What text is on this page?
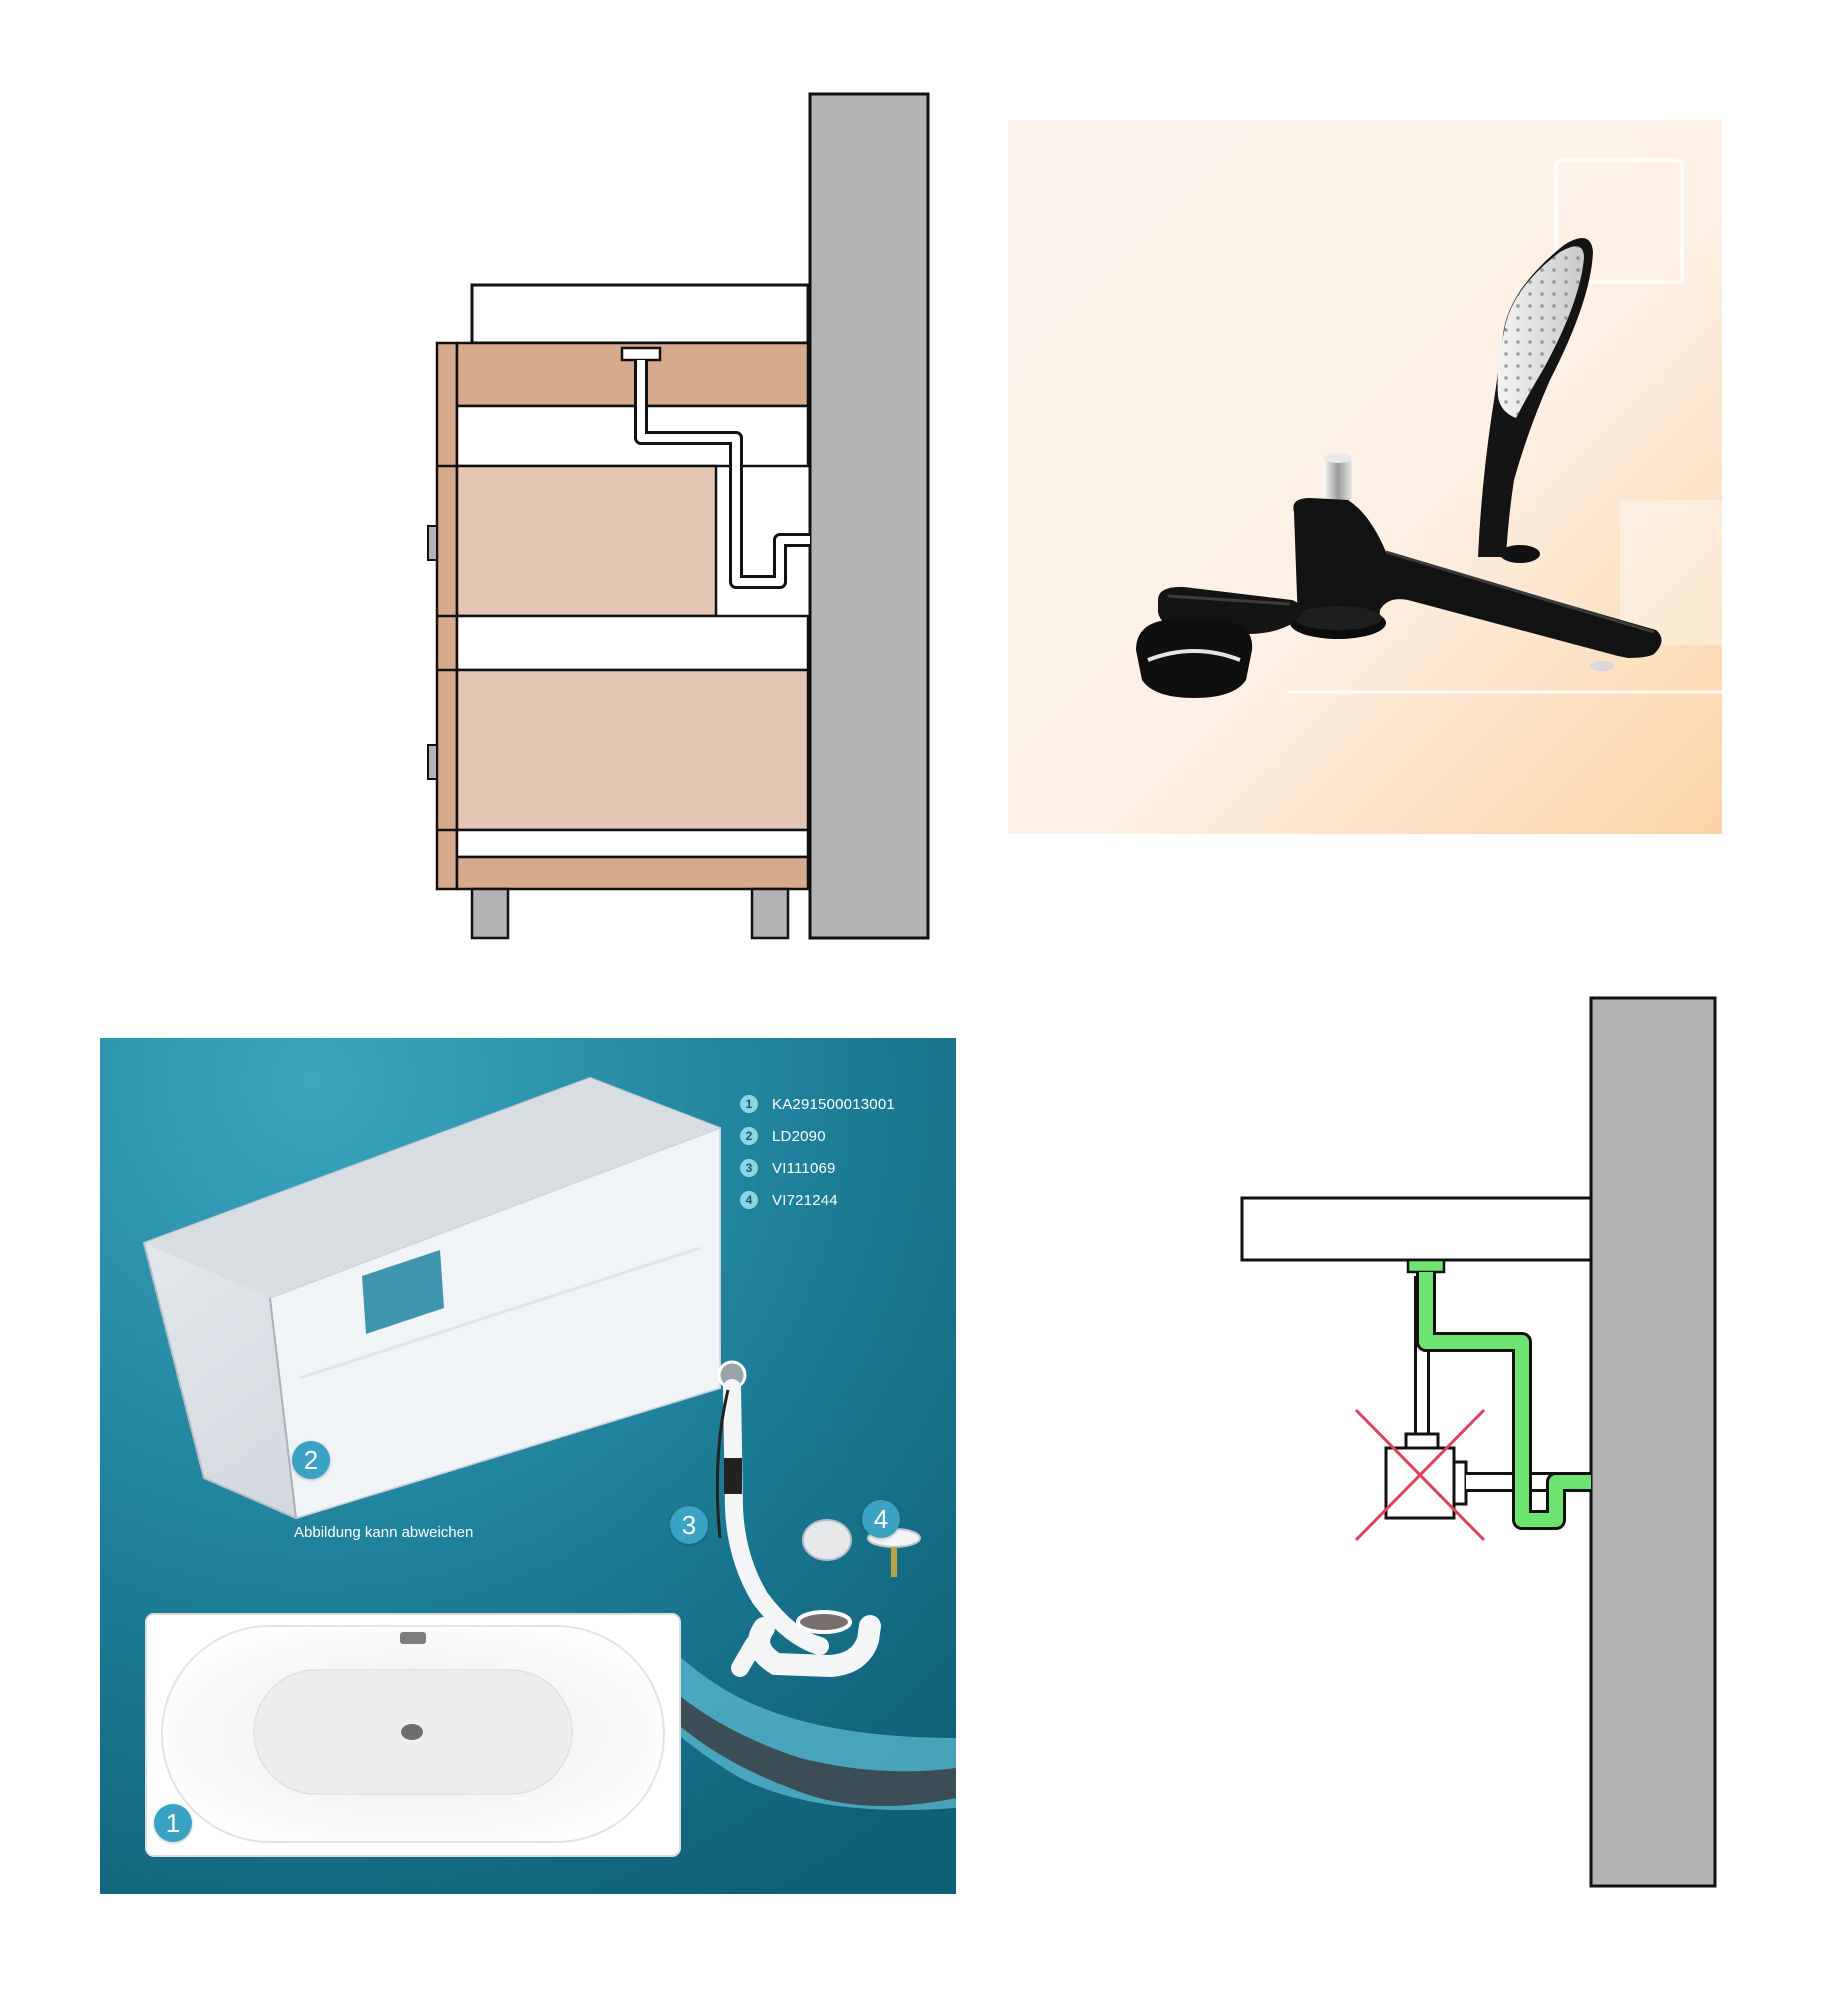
1	KA291500013001
2	LD2090
3	VI111069
4	VI721244
Abbildung kann abweichen
1
2
3	4
